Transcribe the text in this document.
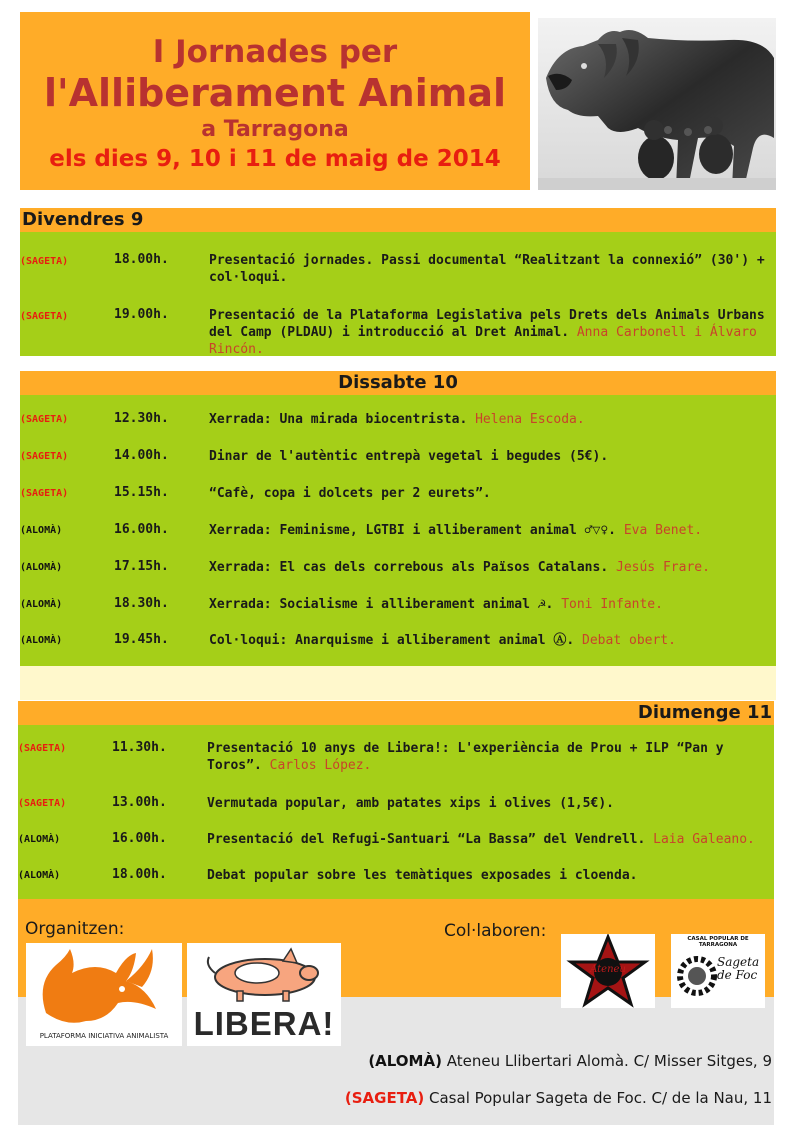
I Jornades per

l'Alliberament Animal

a Tarragona

els dies 9, 10 i 11 de maig de 2014

Divendres 9
(SAGETA)	18.00h.	Presentació jornades. Passi documental “Realitzant la connexió” (30') + col·loqui.
(SAGETA)	19.00h.	Presentació de la Plataforma Legislativa pels Drets dels Animals Urbans del Camp (PLDAU) i introducció al Dret Animal. Anna Carbonell i Álvaro Rincón.
Dissabte 10
(SAGETA)	12.30h.	Xerrada: Una mirada biocentrista. Helena Escoda.
(SAGETA)	14.00h.	Dinar de l'autèntic entrepà vegetal i begudes (5€).
(SAGETA)	15.15h.	“Cafè, copa i dolcets per 2 eurets”.
(ALOMÀ)	16.00h.	Xerrada: Feminisme, LGTBI i alliberament animal ♂▽♀. Eva Benet.
(ALOMÀ)	17.15h.	Xerrada: El cas dels correbous als Països Catalans. Jesús Frare.
(ALOMÀ)	18.30h.	Xerrada: Socialisme i alliberament animal ☭. Toni Infante.
(ALOMÀ)	19.45h.	Col·loqui: Anarquisme i alliberament animal Ⓐ. Debat obert.
Diumenge 11
(SAGETA)	11.30h.	Presentació 10 anys de Libera!: L'experiència de Prou + ILP “Pan y Toros”. Carlos López.
(SAGETA)	13.00h.	Vermutada popular, amb patates xips i olives (1,5€).
(ALOMÀ)	16.00h.	Presentació del Refugi-Santuari “La Bassa” del Vendrell. Laia Galeano.
(ALOMÀ)	18.00h.	Debat popular sobre les temàtiques exposades i cloenda.
Organitzen:	Col·laboren:
PLATAFORMA INICIATIVA ANIMALISTA LIBERA!
Ateneu
CASAL POPULAR DE TARRAGONA
Sageta de Foc
(ALOMÀ) Ateneu Llibertari Alomà. C/ Misser Sitges, 9
(SAGETA) Casal Popular Sageta de Foc. C/ de la Nau, 11
